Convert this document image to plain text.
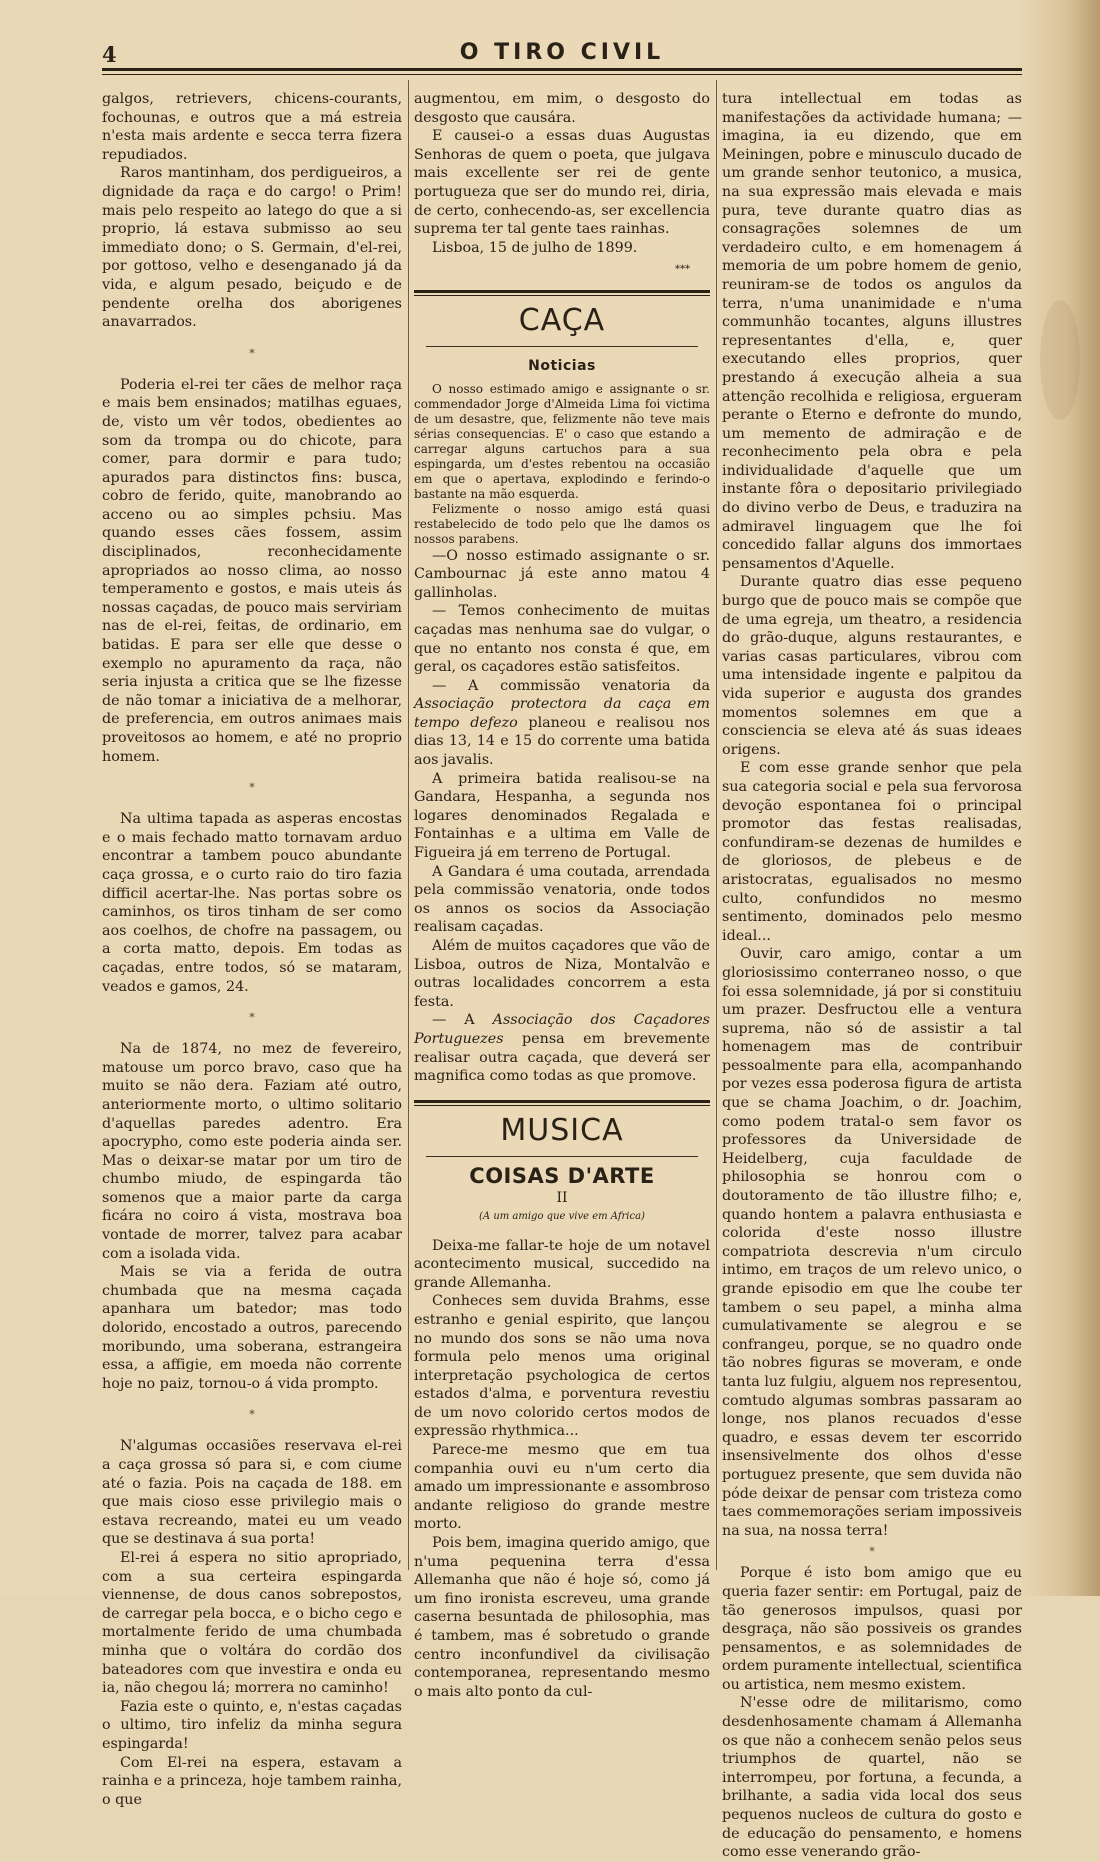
4	O TIRO CIVIL

galgos, retrievers, chicens-courants, fochounas, e outros que a má estreia n'esta mais ardente e secca terra fizera repudiados.

Raros mantinham, dos perdigueiros, a dignidade da raça e do cargo! o Prim! mais pelo respeito ao latego do que a si proprio, lá estava submisso ao seu immediato dono; o S. Germain, d'el-rei, por gottoso, velho e desenganado já da vida, e algum pesado, beiçudo e de pendente orelha dos aborigenes anavarrados.

*

Poderia el-rei ter cães de melhor raça e mais bem ensinados; matilhas eguaes, de, visto um vêr todos, obedientes ao som da trompa ou do chicote, para comer, para dormir e para tudo; apurados para distinctos fins: busca, cobro de ferido, quite, manobrando ao acceno ou ao simples pchsiu. Mas quando esses cães fossem, assim disciplinados, reconhecidamente apropriados ao nosso clima, ao nosso temperamento e gostos, e mais uteis ás nossas caçadas, de pouco mais serviriam nas de el-rei, feitas, de ordinario, em batidas. E para ser elle que desse o exemplo no apuramento da raça, não seria injusta a critica que se lhe fizesse de não tomar a iniciativa de a melhorar, de preferencia, em outros animaes mais proveitosos ao homem, e até no proprio homem.

*

Na ultima tapada as asperas encostas e o mais fechado matto tornavam arduo encontrar a tambem pouco abundante caça grossa, e o curto raio do tiro fazia difficil acertar-lhe. Nas portas sobre os caminhos, os tiros tinham de ser como aos coelhos, de chofre na passagem, ou a corta matto, depois. Em todas as caçadas, entre todos, só se mataram, veados e gamos, 24.

*

Na de 1874, no mez de fevereiro, matouse um porco bravo, caso que ha muito se não dera. Faziam até outro, anteriormente morto, o ultimo solitario d'aquellas paredes adentro. Era apocrypho, como este poderia ainda ser. Mas o deixar-se matar por um tiro de chumbo miudo, de espingarda tão somenos que a maior parte da carga ficára no coiro á vista, mostrava boa vontade de morrer, talvez para acabar com a isolada vida.

Mais se via a ferida de outra chumbada que na mesma caçada apanhara um batedor; mas todo dolorido, encostado a outros, parecendo moribundo, uma soberana, estrangeira essa, a affigie, em moeda não corrente hoje no paiz, tornou-o á vida prompto.

*

N'algumas occasiões reservava el-rei a caça grossa só para si, e com ciume até o fazia. Pois na caçada de 188. em que mais cioso esse privilegio mais o estava recreando, matei eu um veado que se destinava á sua porta!

El-rei á espera no sitio apropriado, com a sua certeira espingarda viennense, de dous canos sobrepostos, de carregar pela bocca, e o bicho cego e mortalmente ferido de uma chumbada minha que o voltára do cordão dos bateadores com que investira e onda eu ia, não chegou lá; morrera no caminho!

Fazia este o quinto, e, n'estas caçadas o ultimo, tiro infeliz da minha segura espingarda!

Com El-rei na espera, estavam a rainha e a princeza, hoje tambem rainha, o que

augmentou, em mim, o desgosto do desgosto que causára.

E causei-o a essas duas Augustas Senhoras de quem o poeta, que julgava mais excellente ser rei de gente portugueza que ser do mundo rei, diria, de certo, conhecendo-as, ser excellencia suprema ter tal gente taes rainhas.

Lisboa, 15 de julho de 1899.

***
CAÇA
Noticias

O nosso estimado amigo e assignante o sr. commendador Jorge d'Almeida Lima foi victima de um desastre, que, felizmente não teve mais sérias consequencias. E' o caso que estando a carregar alguns cartuchos para a sua espingarda, um d'estes rebentou na occasião em que o apertava, explodindo e ferindo-o bastante na mão esquerda.

Felizmente o nosso amigo está quasi restabelecido de todo pelo que lhe damos os nossos parabens.

—O nosso estimado assignante o sr. Cambournac já este anno matou 4 gallinholas.

— Temos conhecimento de muitas caçadas mas nenhuma sae do vulgar, o que no entanto nos consta é que, em geral, os caçadores estão satisfeitos.

— A commissão venatoria da Associação protectora da caça em tempo defezo planeou e realisou nos dias 13, 14 e 15 do corrente uma batida aos javalis.

A primeira batida realisou-se na Gandara, Hespanha, a segunda nos logares denominados Regalada e Fontainhas e a ultima em Valle de Figueira já em terreno de Portugal.

A Gandara é uma coutada, arrendada pela commissão venatoria, onde todos os annos os socios da Associação realisam caçadas.

Além de muitos caçadores que vão de Lisboa, outros de Niza, Montalvão e outras localidades concorrem a esta festa.

— A Associação dos Caçadores Portuguezes pensa em brevemente realisar outra caçada, que deverá ser magnifica como todas as que promove.

MUSICA
COISAS D'ARTE
II
(A um amigo que vive em Africa)

Deixa-me fallar-te hoje de um notavel acontecimento musical, succedido na grande Allemanha.

Conheces sem duvida Brahms, esse estranho e genial espirito, que lançou no mundo dos sons se não uma nova formula pelo menos uma original interpretação psychologica de certos estados d'alma, e porventura revestiu de um novo colorido certos modos de expressão rhythmica...

Parece-me mesmo que em tua companhia ouvi eu n'um certo dia amado um impressionante e assombroso andante religioso do grande mestre morto.

Pois bem, imagina querido amigo, que n'uma pequenina terra d'essa Allemanha que não é hoje só, como já um fino ironista escreveu, uma grande caserna besuntada de philosophia, mas é tambem, mas é sobretudo o grande centro inconfundivel da civilisação contemporanea, representando mesmo o mais alto ponto da cul-

tura intellectual em todas as manifestações da actividade humana; — imagina, ia eu dizendo, que em Meiningen, pobre e minusculo ducado de um grande senhor teutonico, a musica, na sua expressão mais elevada e mais pura, teve durante quatro dias as consagrações solemnes de um verdadeiro culto, e em homenagem á memoria de um pobre homem de genio, reuniram-se de todos os angulos da terra, n'uma unanimidade e n'uma communhão tocantes, alguns illustres representantes d'ella, e, quer executando elles proprios, quer prestando á execução alheia a sua attenção recolhida e religiosa, ergueram perante o Eterno e defronte do mundo, um memento de admiração e de reconhecimento pela obra e pela individualidade d'aquelle que um instante fôra o depositario privilegiado do divino verbo de Deus, e traduzira na admiravel linguagem que lhe foi concedido fallar alguns dos immortaes pensamentos d'Aquelle.

Durante quatro dias esse pequeno burgo que de pouco mais se compõe que de uma egreja, um theatro, a residencia do grão-duque, alguns restaurantes, e varias casas particulares, vibrou com uma intensidade ingente e palpitou da vida superior e augusta dos grandes momentos solemnes em que a consciencia se eleva até ás suas ideaes origens.

E com esse grande senhor que pela sua categoria social e pela sua fervorosa devoção espontanea foi o principal promotor das festas realisadas, confundiram-se dezenas de humildes e de gloriosos, de plebeus e de aristocratas, egualisados no mesmo culto, confundidos no mesmo sentimento, dominados pelo mesmo ideal...

Ouvir, caro amigo, contar a um gloriosissimo conterraneo nosso, o que foi essa solemnidade, já por si constituiu um prazer. Desfructou elle a ventura suprema, não só de assistir a tal homenagem mas de contribuir pessoalmente para ella, acompanhando por vezes essa poderosa figura de artista que se chama Joachim, o dr. Joachim, como podem tratal-o sem favor os professores da Universidade de Heidelberg, cuja faculdade de philosophia se honrou com o doutoramento de tão illustre filho; e, quando hontem a palavra enthusiasta e colorida d'este nosso illustre compatriota descrevia n'um circulo intimo, em traços de um relevo unico, o grande episodio em que lhe coube ter tambem o seu papel, a minha alma cumulativamente se alegrou e se confrangeu, porque, se no quadro onde tão nobres figuras se moveram, e onde tanta luz fulgiu, alguem nos representou, comtudo algumas sombras passaram ao longe, nos planos recuados d'esse quadro, e essas devem ter escorrido insensivelmente dos olhos d'esse portuguez presente, que sem duvida não póde deixar de pensar com tristeza como taes commemorações seriam impossiveis na sua, na nossa terra!

*

Porque é isto bom amigo que eu queria fazer sentir: em Portugal, paiz de tão generosos impulsos, quasi por desgraça, não são possiveis os grandes pensamentos, e as solemnidades de ordem puramente intellectual, scientifica ou artistica, nem mesmo existem.

N'esse odre de militarismo, como desdenhosamente chamam á Allemanha os que não a conhecem senão pelos seus triumphos de quartel, não se interrompeu, por fortuna, a fecunda, a brilhante, a sadia vida local dos seus pequenos nucleos de cultura do gosto e de educação do pensamento, e homens como esse venerando grão-
